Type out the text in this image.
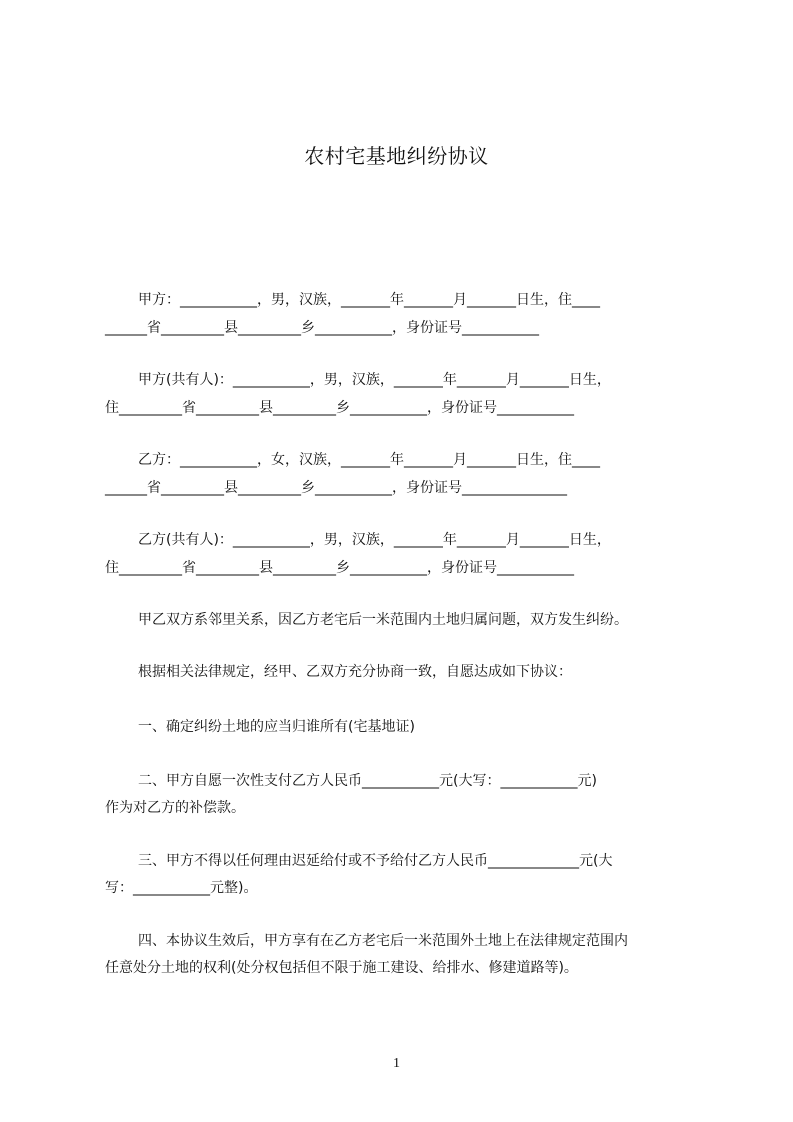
农村宅基地纠纷协议
甲方：___________，男，汉族，_______年_______月_______日生，住____
______省_________县_________乡___________，身份证号___________
甲方(共有人)：___________，男，汉族，_______年_______月_______日生，
住_________省_________县_________乡___________，身份证号___________
乙方：___________，女，汉族，_______年_______月_______日生，住____
______省_________县_________乡___________，身份证号_______________
乙方(共有人)：___________，男，汉族，_______年_______月_______日生，
住_________省_________县_________乡___________，身份证号___________
甲乙双方系邻里关系，因乙方老宅后一米范围内土地归属问题，双方发生纠纷。
根据相关法律规定，经甲、乙双方充分协商一致，自愿达成如下协议：
一、确定纠纷土地的应当归谁所有(宅基地证)
二、甲方自愿一次性支付乙方人民币___________元(大写：___________元)
作为对乙方的补偿款。
三、甲方不得以任何理由迟延给付或不予给付乙方人民币_____________元(大
写：___________元整)。
四、本协议生效后，甲方享有在乙方老宅后一米范围外土地上在法律规定范围内
任意处分土地的权利(处分权包括但不限于施工建设、给排水、修建道路等)。
1
